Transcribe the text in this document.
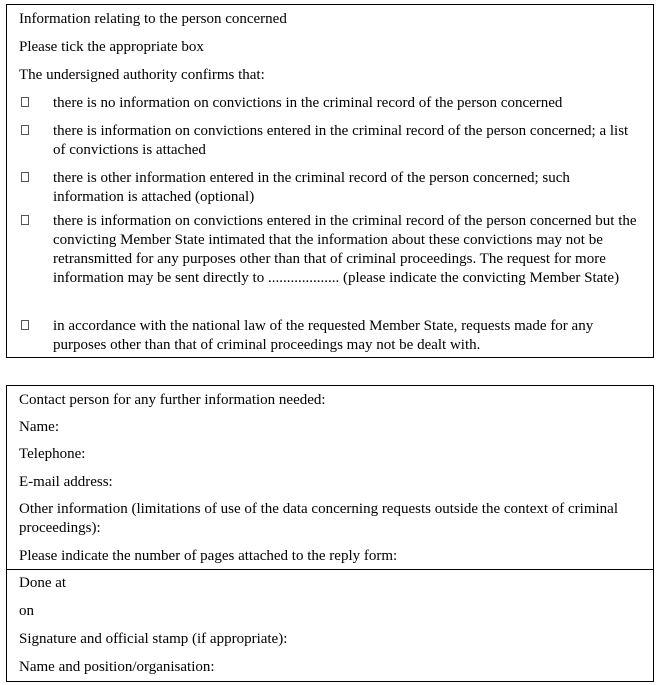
Information relating to the person concerned
Please tick the appropriate box
The undersigned authority confirms that:
there is no information on convictions in the criminal record of the person concerned
there is information on convictions entered in the criminal record of the person concerned; a list of convictions is attached
there is other information entered in the criminal record of the person concerned; such information is attached (optional)
there is information on convictions entered in the criminal record of the person concerned but the convicting Member State intimated that the information about these convictions may not be retransmitted for any purposes other than that of criminal proceedings. The request for more information may be sent directly to ................... (please indicate the convicting Member State)
in accordance with the national law of the requested Member State, requests made for any purposes other than that of criminal proceedings may not be dealt with.
Contact person for any further information needed:
Name:
Telephone:
E-mail address:
Other information (limitations of use of the data concerning requests outside the context of criminal proceedings):
Please indicate the number of pages attached to the reply form:
Done at
on
Signature and official stamp (if appropriate):
Name and position/organisation:
